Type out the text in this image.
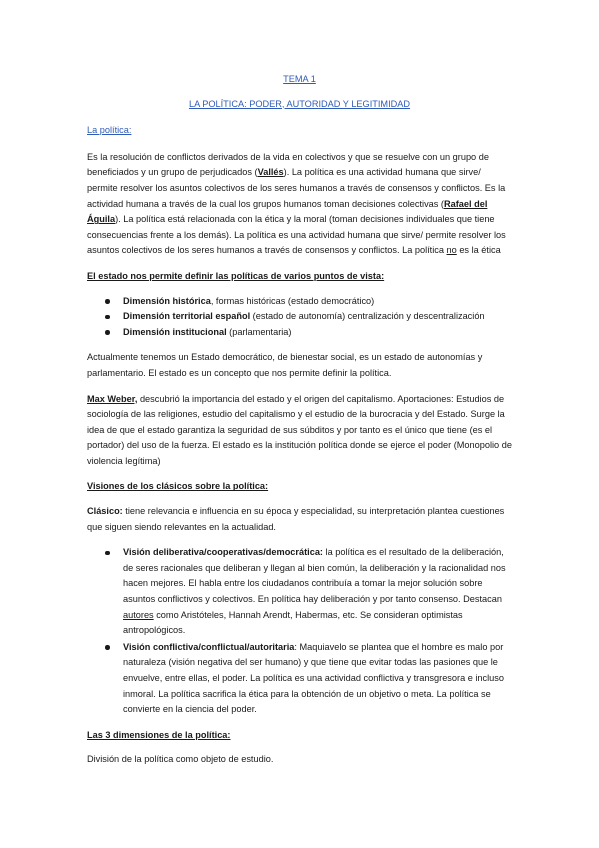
TEMA 1

LA POLÍTICA: PODER, AUTORIDAD Y LEGITIMIDAD

La política:

Es la resolución de conflictos derivados de la vida en colectivos y que se resuelve con un grupo de beneficiados y un grupo de perjudicados (Vallés). La política es una actividad humana que sirve/ permite resolver los asuntos colectivos de los seres humanos a través de consensos y conflictos. Es la actividad humana a través de la cual los grupos humanos toman decisiones colectivas (Rafael del Águila). La política está relacionada con la ética y la moral (toman decisiones individuales que tiene consecuencias frente a los demás). La política es una actividad humana que sirve/ permite resolver los asuntos colectivos de los seres humanos a través de consensos y conflictos. La política no es la ética

El estado nos permite definir las políticas de varios puntos de vista:

Dimensión histórica, formas históricas (estado democrático)
Dimensión territorial español (estado de autonomía) centralización y descentralización
Dimensión institucional (parlamentaria)

Actualmente tenemos un Estado democrático, de bienestar social, es un estado de autonomías y parlamentario. El estado es un concepto que nos permite definir la política.

Max Weber, descubrió la importancia del estado y el origen del capitalismo. Aportaciones: Estudios de sociología de las religiones, estudio del capitalismo y el estudio de la burocracia y del Estado. Surge la idea de que el estado garantiza la seguridad de sus súbditos y por tanto es el único que tiene (es el portador) del uso de la fuerza. El estado es la institución política donde se ejerce el poder (Monopolio de violencia legítima)

Visiones de los clásicos sobre la política:

Clásico: tiene relevancia e influencia en su época y especialidad, su interpretación plantea cuestiones que siguen siendo relevantes en la actualidad.

Visión deliberativa/cooperativas/democrática: la política es el resultado de la deliberación, de seres racionales que deliberan y llegan al bien común, la deliberación y la racionalidad nos hacen mejores. El habla entre los ciudadanos contribuía a tomar la mejor solución sobre asuntos conflictivos y colectivos. En política hay deliberación y por tanto consenso. Destacan autores como Aristóteles, Hannah Arendt, Habermas, etc. Se consideran optimistas antropológicos.
Visión conflictiva/conflictual/autoritaria: Maquiavelo se plantea que el hombre es malo por naturaleza (visión negativa del ser humano) y que tiene que evitar todas las pasiones que le envuelve, entre ellas, el poder. La política es una actividad conflictiva y transgresora e incluso inmoral. La política sacrifica la ética para la obtención de un objetivo o meta. La política se convierte en la ciencia del poder.

Las 3 dimensiones de la política:

División de la política como objeto de estudio.
